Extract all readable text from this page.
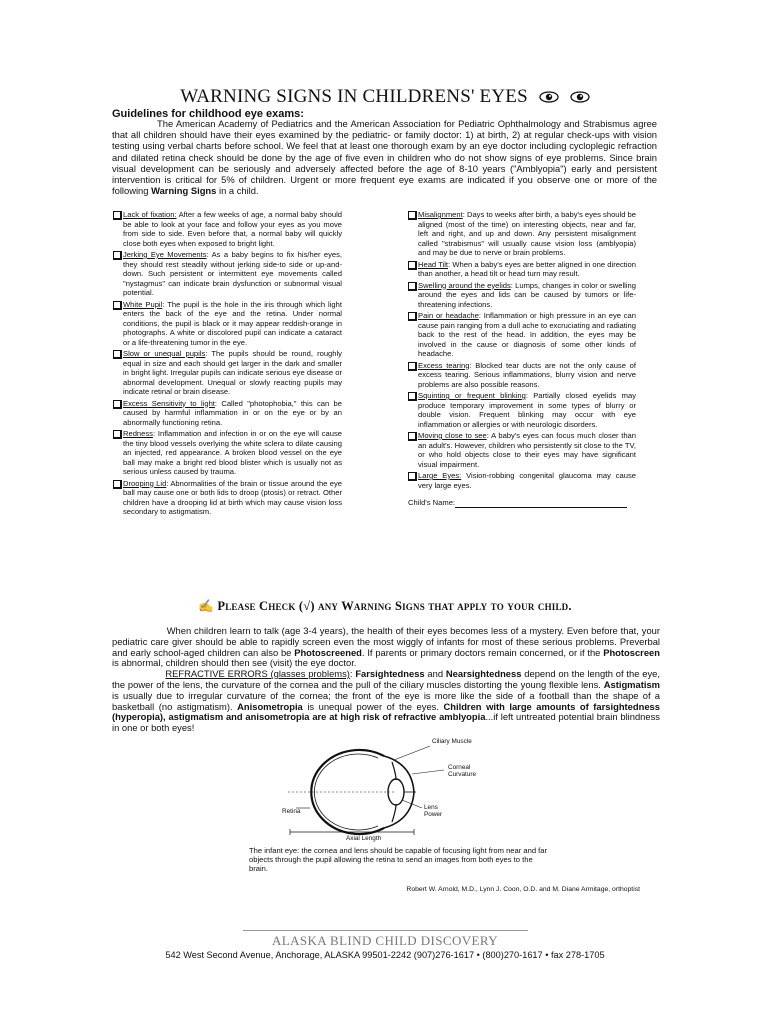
WARNING SIGNS IN CHILDRENS' EYES
Guidelines for childhood eye exams:
The American Academy of Pediatrics and the American Association for Pediatric Ophthalmology and Strabismus agree that all children should have their eyes examined by the pediatric- or family doctor: 1) at birth, 2) at regular check-ups with vision testing using verbal charts before school. We feel that at least one thorough exam by an eye doctor including cycloplegic refraction and dilated retina check should be done by the age of five even in children who do not show signs of eye problems. Since brain visual development can be seriously and adversely affected before the age of 8-10 years ("Amblyopia") early and persistent intervention is critical for 5% of children. Urgent or more frequent eye exams are indicated if you observe one or more of the following Warning Signs in a child.
Lack of fixation: After a few weeks of age, a normal baby should be able to look at your face and follow your eyes as you move from side to side. Even before that, a normal baby will quickly close both eyes when exposed to bright light.
Jerking Eye Movements: As a baby begins to fix his/her eyes, they should rest steadily without jerking side-to side or up-and-down. Such persistent or intermittent eye movements called "nystagmus" can indicate brain dysfunction or subnormal visual potential.
White Pupil: The pupil is the hole in the iris through which light enters the back of the eye and the retina. Under normal conditions, the pupil is black or it may appear reddish-orange in photographs. A white or discolored pupil can indicate a cataract or a life-threatening tumor in the eye.
Slow or unequal pupils: The pupils should be round, roughly equal in size and each should get larger in the dark and smaller in bright light. Irregular pupils can indicate serious eye disease or abnormal development. Unequal or slowly reacting pupils may indicate retinal or brain disease.
Excess Sensitivity to light: Called "photophobia," this can be caused by harmful inflammation in or on the eye or by an abnormally functioning retina.
Redness: Inflammation and infection in or on the eye will cause the tiny blood vessels overlying the white sclera to dilate causing an injected, red appearance. A broken blood vessel on the eye ball may make a bright red blood blister which is usually not as serious unless caused by trauma.
Drooping Lid: Abnormalities of the brain or tissue around the eye ball may cause one or both lids to droop (ptosis) or retract. Other children have a drooping lid at birth which may cause vision loss secondary to astigmatism.
Misalignment: Days to weeks after birth, a baby's eyes should be aligned (most of the time) on interesting objects, near and far, left and right, and up and down. Any persistent misalignment called "strabismus" will usually cause vision loss (amblyopia) and may be due to nerve or brain problems.
Head Tilt: When a baby's eyes are better aligned in one direction than another, a head tilt or head turn may result.
Swelling around the eyelids: Lumps, changes in color or swelling around the eyes and lids can be caused by tumors or life-threatening infections.
Pain or headache: Inflammation or high pressure in an eye can cause pain ranging from a dull ache to excruciating and radiating back to the rest of the head. In addition, the eyes may be involved in the cause or diagnosis of some other kinds of headache.
Excess tearing: Blocked tear ducts are not the only cause of excess tearing. Serious inflammations, blurry vision and nerve problems are also possible reasons.
Squinting or frequent blinking: Partially closed eyelids may produce temporary improvement in some types of blurry or double vision. Frequent blinking may occur with eye inflammation or allergies or with neurologic disorders.
Moving close to see: A baby's eyes can focus much closer than an adult's. However, children who persistently sit close to the TV, or who hold objects close to their eyes may have significant visual impairment.
Large Eyes: Vision-robbing congenital glaucoma may cause very large eyes.
Child's Name:
✍ Please Check (√) any Warning Signs that apply to your child.

When children learn to talk (age 3-4 years), the health of their eyes becomes less of a mystery. Even before that, your pediatric care giver should be able to rapidly screen even the most wiggly of infants for most of these serious problems. Preverbal and early school-aged children can also be Photoscreened. If parents or primary doctors remain concerned, or if the Photoscreen is abnormal, children should then see (visit) the eye doctor.

REFRACTIVE ERRORS (glasses problems): Farsightedness and Nearsightedness depend on the length of the eye, the power of the lens, the curvature of the cornea and the pull of the ciliary muscles distorting the young flexible lens. Astigmatism is usually due to irregular curvature of the cornea; the front of the eye is more like the side of a football than the shape of a basketball (no astigmatism). Anisometropia is unequal power of the eyes. Children with large amounts of farsightedness (hyperopia), astigmatism and anisometropia are at high risk of refractive amblyopia...if left untreated potential brain blindness in one or both eyes!

Ciliary Muscle
Corneal Curvature
Retina
Lens Power
Axial Length
The infant eye: the cornea and lens should be capable of focusing light from near and far objects through the pupil allowing the retina to send an images from both eyes to the brain.
Robert W. Arnold, M.D., Lynn J. Coon, O.D. and M. Diane Armitage, orthoptist
ALASKA BLIND CHILD DISCOVERY
542 West Second Avenue, Anchorage, ALASKA 99501-2242 (907)276-1617 • (800)270-1617 • fax 278-1705
